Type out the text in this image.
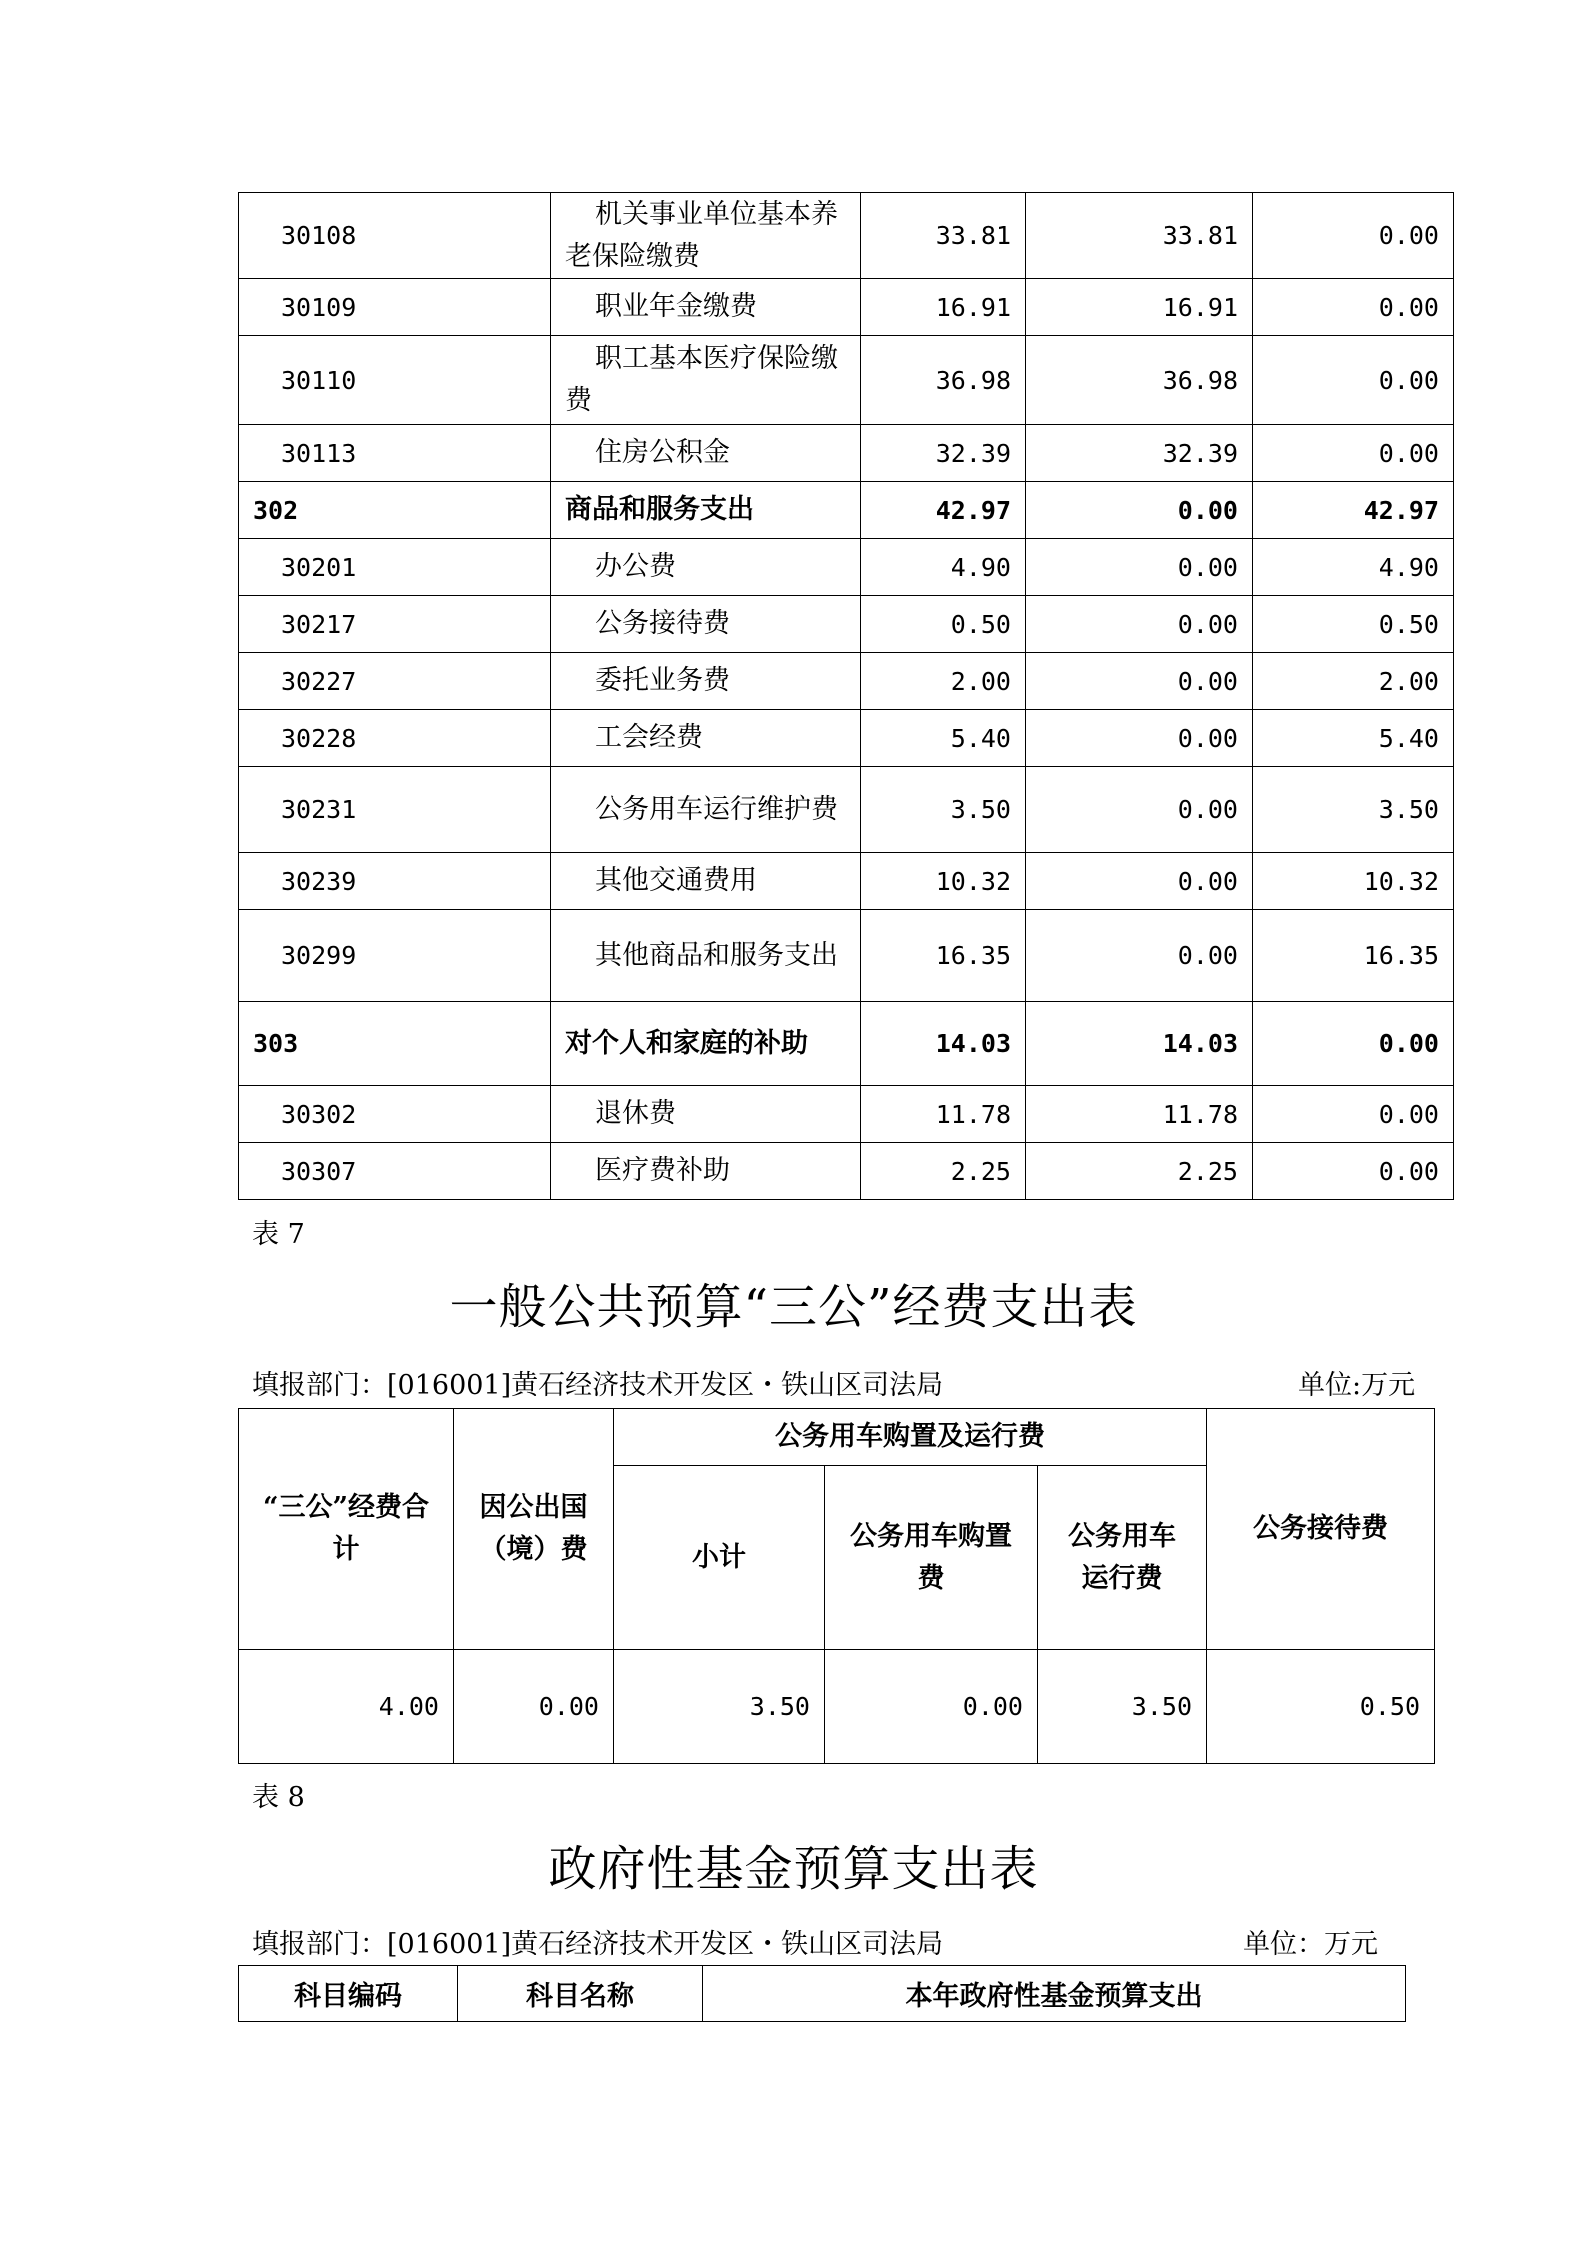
30108	机关事业单位基本养老保险缴费	33.81	33.81	0.00
30109	职业年金缴费	16.91	16.91	0.00
30110	职工基本医疗保险缴费	36.98	36.98	0.00
30113	住房公积金	32.39	32.39	0.00
302	商品和服务支出	42.97	0.00	42.97
30201	办公费	4.90	0.00	4.90
30217	公务接待费	0.50	0.00	0.50
30227	委托业务费	2.00	0.00	2.00
30228	工会经费	5.40	0.00	5.40
30231	公务用车运行维护费	3.50	0.00	3.50
30239	其他交通费用	10.32	0.00	10.32
30299	其他商品和服务支出	16.35	0.00	16.35
303	对个人和家庭的补助	14.03	14.03	0.00
30302	退休费	11.78	11.78	0.00
30307	医疗费补助	2.25	2.25	0.00
表 7
一般公共预算“三公”经费支出表
填报部门：[016001]黄石经济技术开发区・铁山区司法局	单位:万元
“三公”经费合计	因公出国（境）费	公务用车购置及运行费			公务接待费
		小计	公务用车购置费	公务用车运行费	
4.00	0.00	3.50	0.00	3.50	0.50
表 8
政府性基金预算支出表
填报部门：[016001]黄石经济技术开发区・铁山区司法局	单位：万元
科目编码	科目名称	本年政府性基金预算支出
